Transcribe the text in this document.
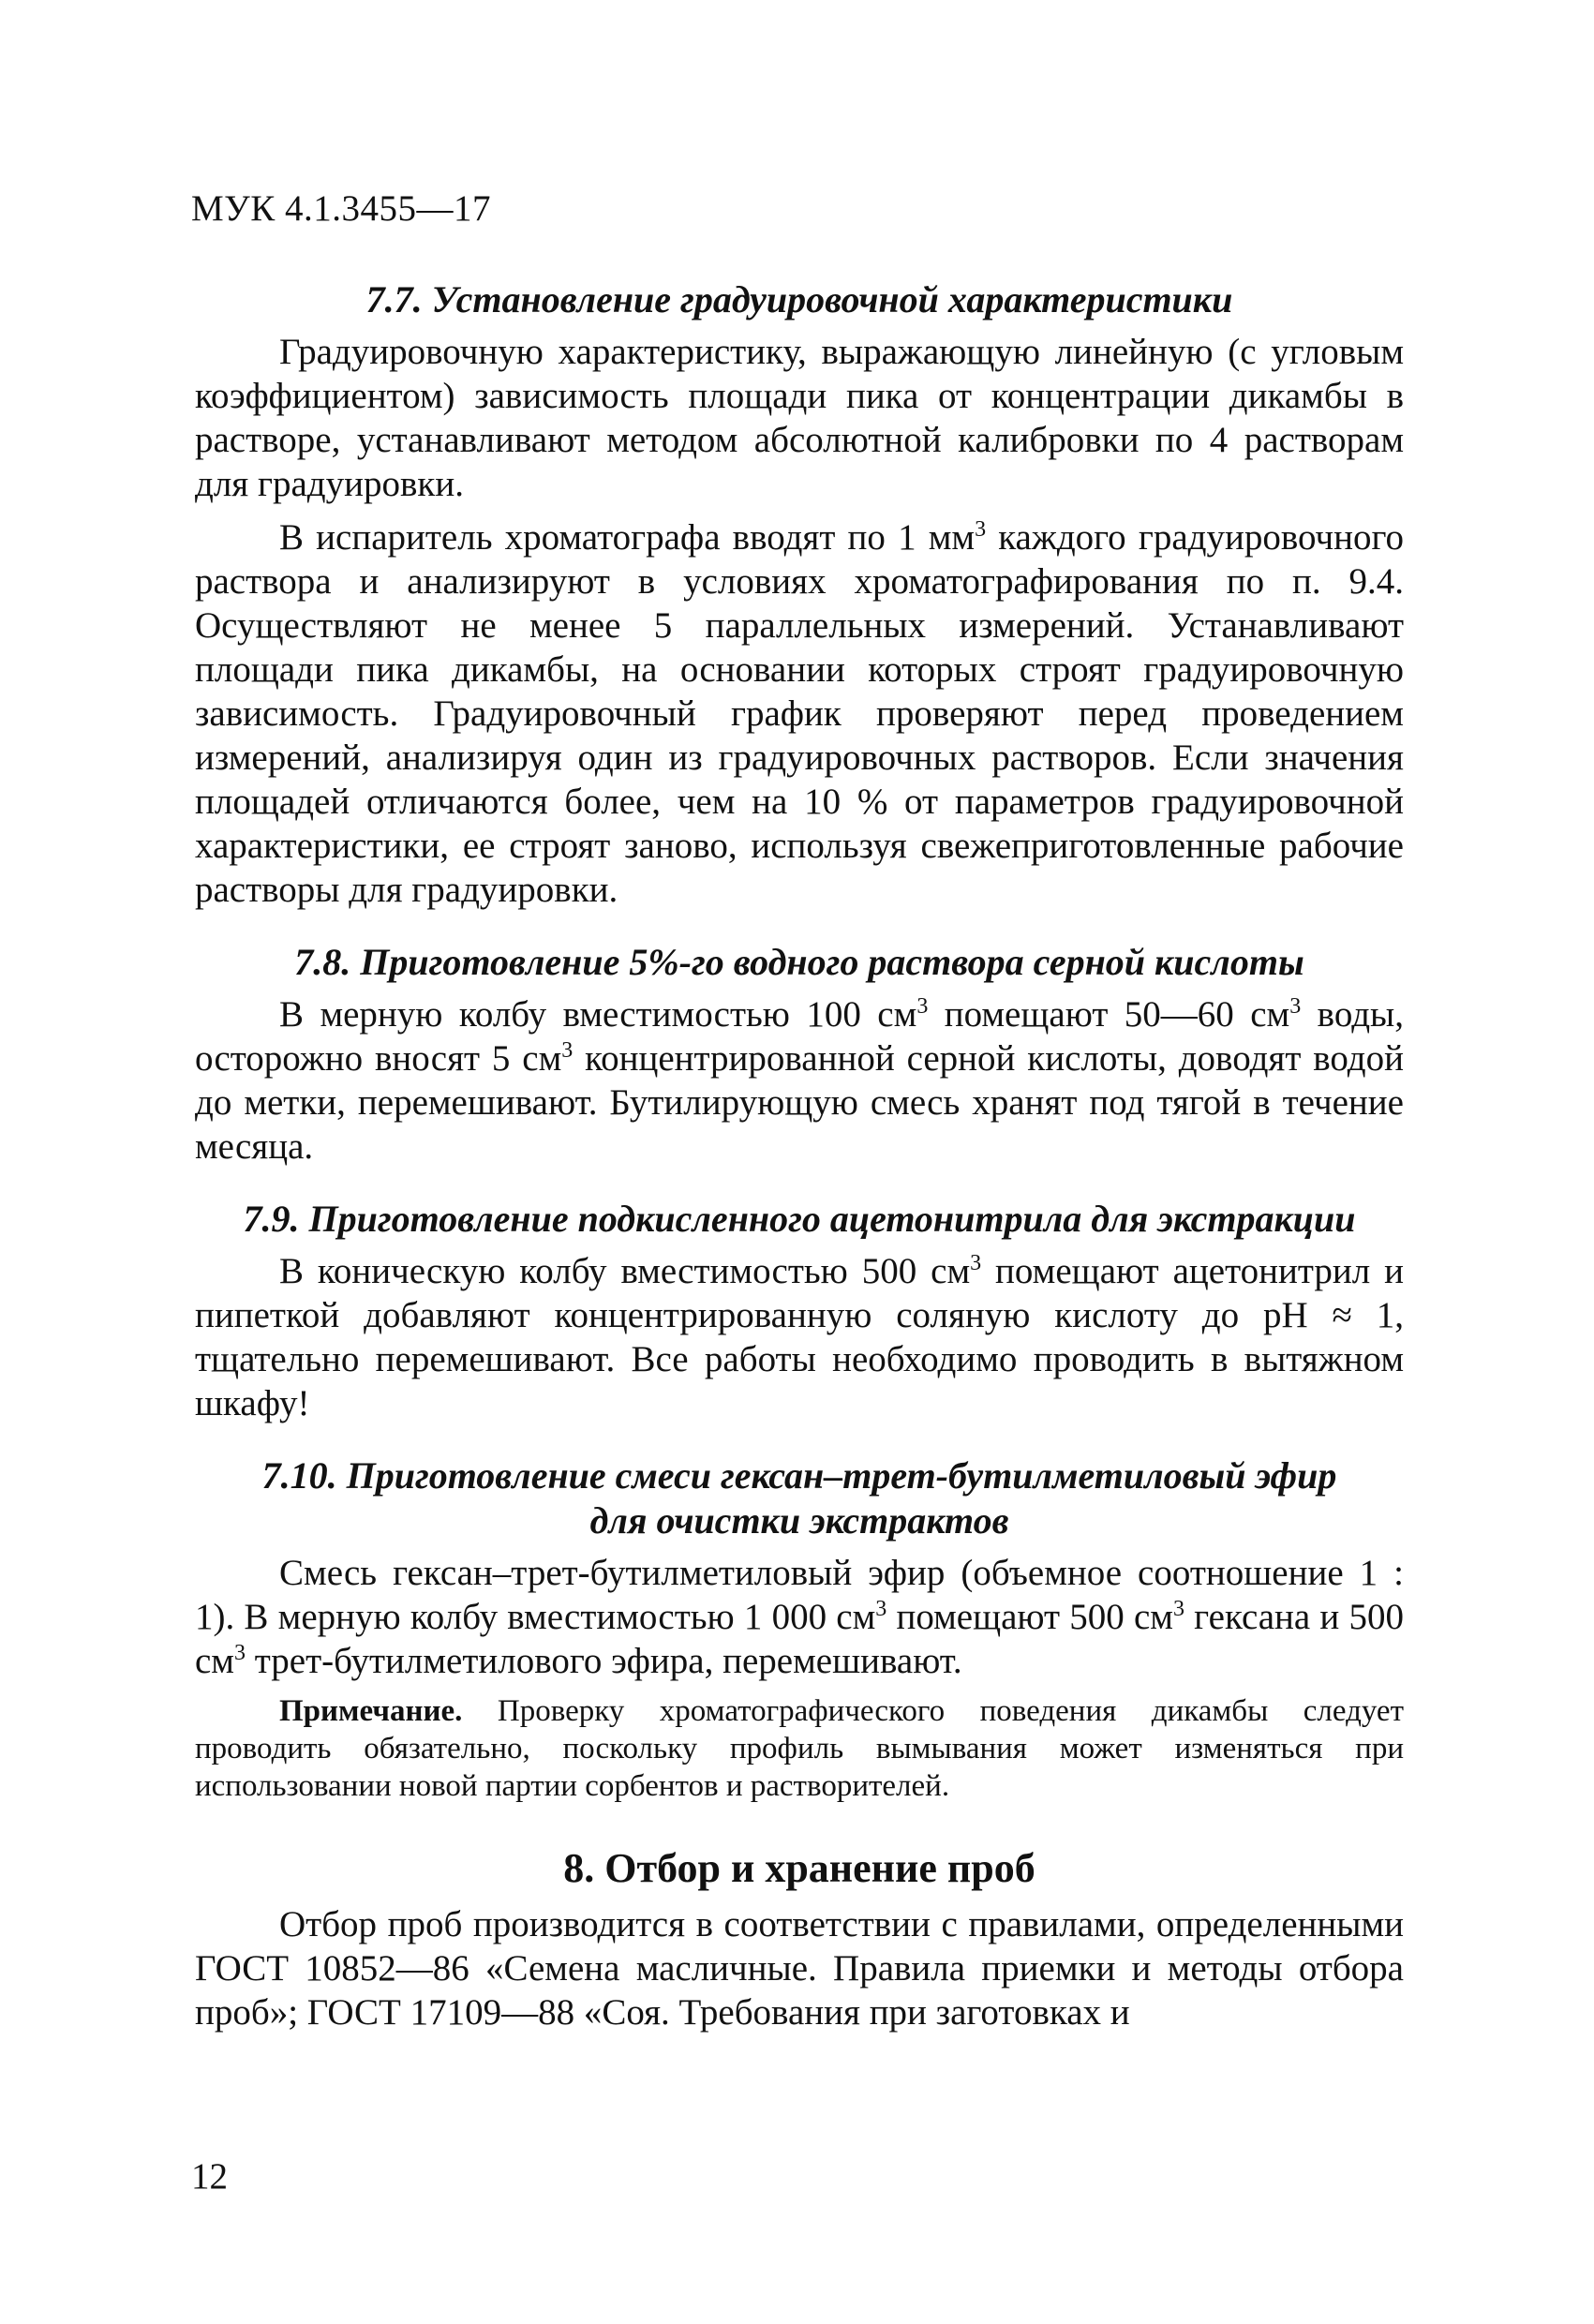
МУК 4.1.3455—17
7.7. Установление градуировочной характеристики

Градуировочную характеристику, выражающую линейную (с угловым коэффициентом) зависимость площади пика от концентрации дикамбы в растворе, устанавливают методом абсолютной калибровки по 4 растворам для градуировки.

В испаритель хроматографа вводят по 1 $мм^3$ каждого градуировочного раствора и анализируют в условиях хроматографирования по п. 9.4. Осуществляют не менее 5 параллельных измерений. Устанавливают площади пика дикамбы, на основании которых строят градуировочную зависимость. Градуировочный график проверяют перед проведением измерений, анализируя один из градуировочных растворов. Если значения площадей отличаются более, чем на 10 % от параметров градуировочной характеристики, ее строят заново, используя свежеприготовленные рабочие растворы для градуировки.

7.8. Приготовление 5%-го водного раствора серной кислоты

В мерную колбу вместимостью 100 $см^3$ помещают 50—60 $см^3$ воды, осторожно вносят 5 $см^3$ концентрированной серной кислоты, доводят водой до метки, перемешивают. Бутилирующую смесь хранят под тягой в течение месяца.

7.9. Приготовление подкисленного ацетонитрила для экстракции

В коническую колбу вместимостью 500 $см^3$ помещают ацетонитрил и пипеткой добавляют концентрированную соляную кислоту до pH ≈ 1, тщательно перемешивают. Все работы необходимо проводить в вытяжном шкафу!

7.10. Приготовление смеси гексан–трет-бутилметиловый эфир
для очистки экстрактов

Смесь гексан–трет-бутилметиловый эфир (объемное соотношение 1 : 1). В мерную колбу вместимостью 1 000 $см^3$ помещают 500 $см^3$ гексана и 500 $см^3$ трет-бутилметилового эфира, перемешивают.

Примечание. Проверку хроматографического поведения дикамбы следует проводить обязательно, поскольку профиль вымывания может изменяться при использовании новой партии сорбентов и растворителей.

8. Отбор и хранение проб

Отбор проб производится в соответствии с правилами, определенными ГОСТ 10852—86 «Семена масличные. Правила приемки и методы отбора проб»; ГОСТ 17109—88 «Соя. Требования при заготовках и

12
